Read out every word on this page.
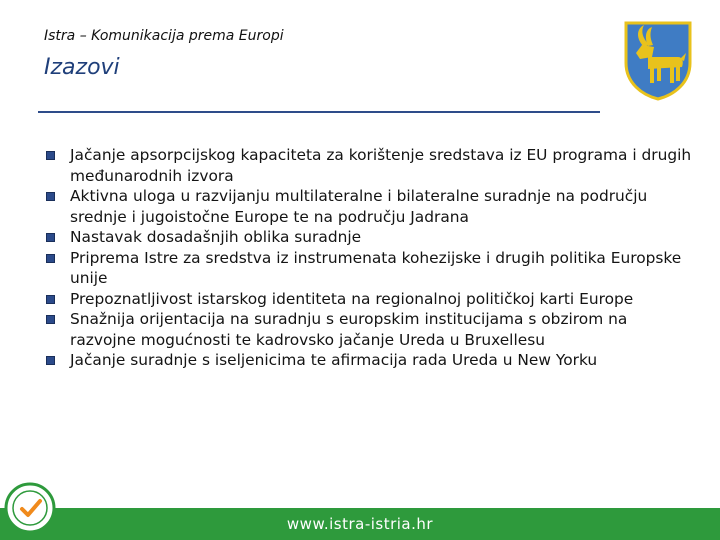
Istra – Komunikacija prema Europi
Izazovi
Jačanje apsorpcijskog kapaciteta za korištenje sredstava iz EU programa i drugih međunarodnih izvora
Aktivna uloga u razvijanju multilateralne i bilateralne suradnje na području srednje i jugoistočne Europe te na području Jadrana
Nastavak dosadašnjih oblika suradnje
Priprema Istre za sredstva iz instrumenata kohezijske i drugih politika Europske unije
Prepoznatljivost istarskog identiteta na regionalnoj političkoj karti Europe
Snažnija orijentacija na suradnju s europskim institucijama s obzirom na razvojne mogućnosti te kadrovsko jačanje Ureda u Bruxellesu
Jačanje suradnje s iseljenicima te afirmacija rada Ureda u New Yorku
www.istra-istria.hr
